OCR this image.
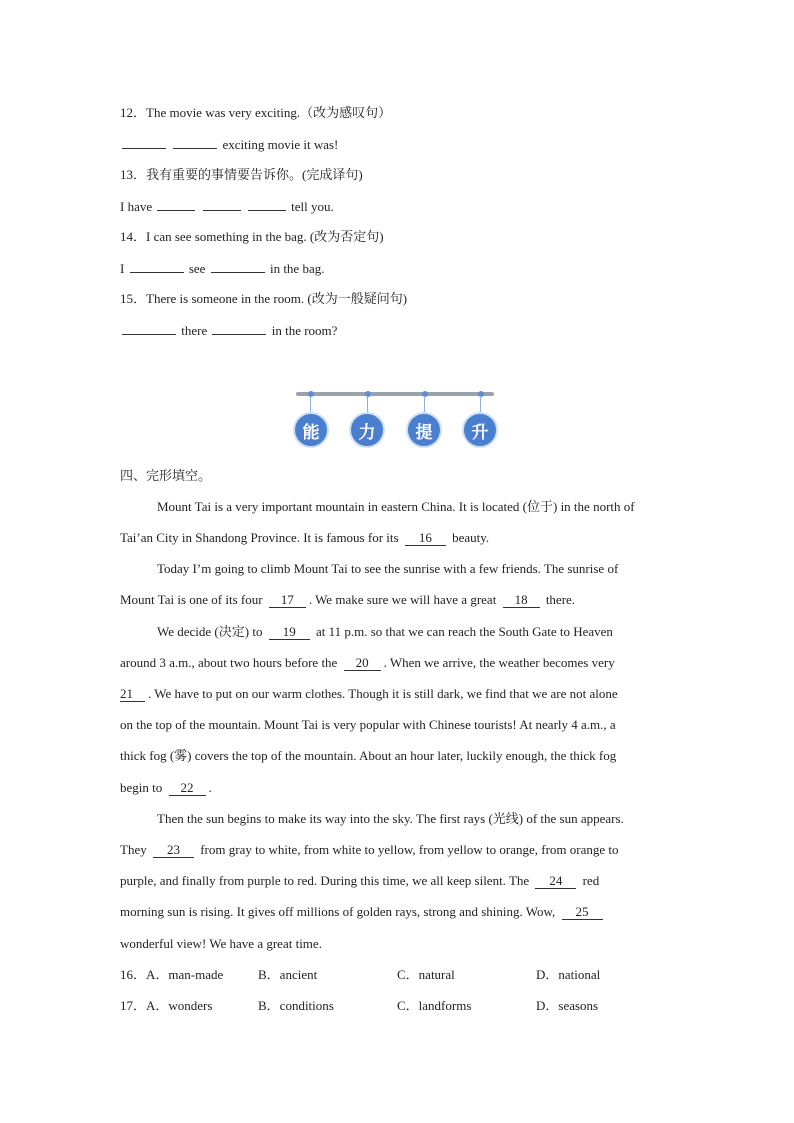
12．The movie was very exciting.（改为感叹句）
exciting movie it was!
13．我有重要的事情要告诉你。(完成译句)
I have	tell you.
14．I can see something in the bag. (改为否定句)
I	see	in the bag.
15．There is someone in the room. (改为一般疑问句)
there	in the room?
能	力	提	升
四、完形填空。
Mount Tai is a very important mountain in eastern China. It is located (位于) in the north of
Tai’an City in Shandong Province. It is famous for its 16 beauty.
Today I’m going to climb Mount Tai to see the sunrise with a few friends. The sunrise of
Mount Tai is one of its four 17 . We make sure we will have a great 18 there.
We decide (决定) to 19 at 11 p.m. so that we can reach the South Gate to Heaven
around 3 a.m., about two hours before the 20 . When we arrive, the weather becomes very
21 . We have to put on our warm clothes. Though it is still dark, we find that we are not alone
on the top of the mountain. Mount Tai is very popular with Chinese tourists! At nearly 4 a.m., a
thick fog (雾) covers the top of the mountain. About an hour later, luckily enough, the thick fog
begin to 22 .
Then the sun begins to make its way into the sky. The first rays (光线) of the sun appears.
They 23 from gray to white, from white to yellow, from yellow to orange, from orange to
purple, and finally from purple to red. During this time, we all keep silent. The 24 red
morning sun is rising. It gives off millions of golden rays, strong and shining. Wow, 25
wonderful view! We have a great time.
16． A．man-made	B．ancient	C．natural	D．national
17． A．wonders	B．conditions	C．landforms	D．seasons
